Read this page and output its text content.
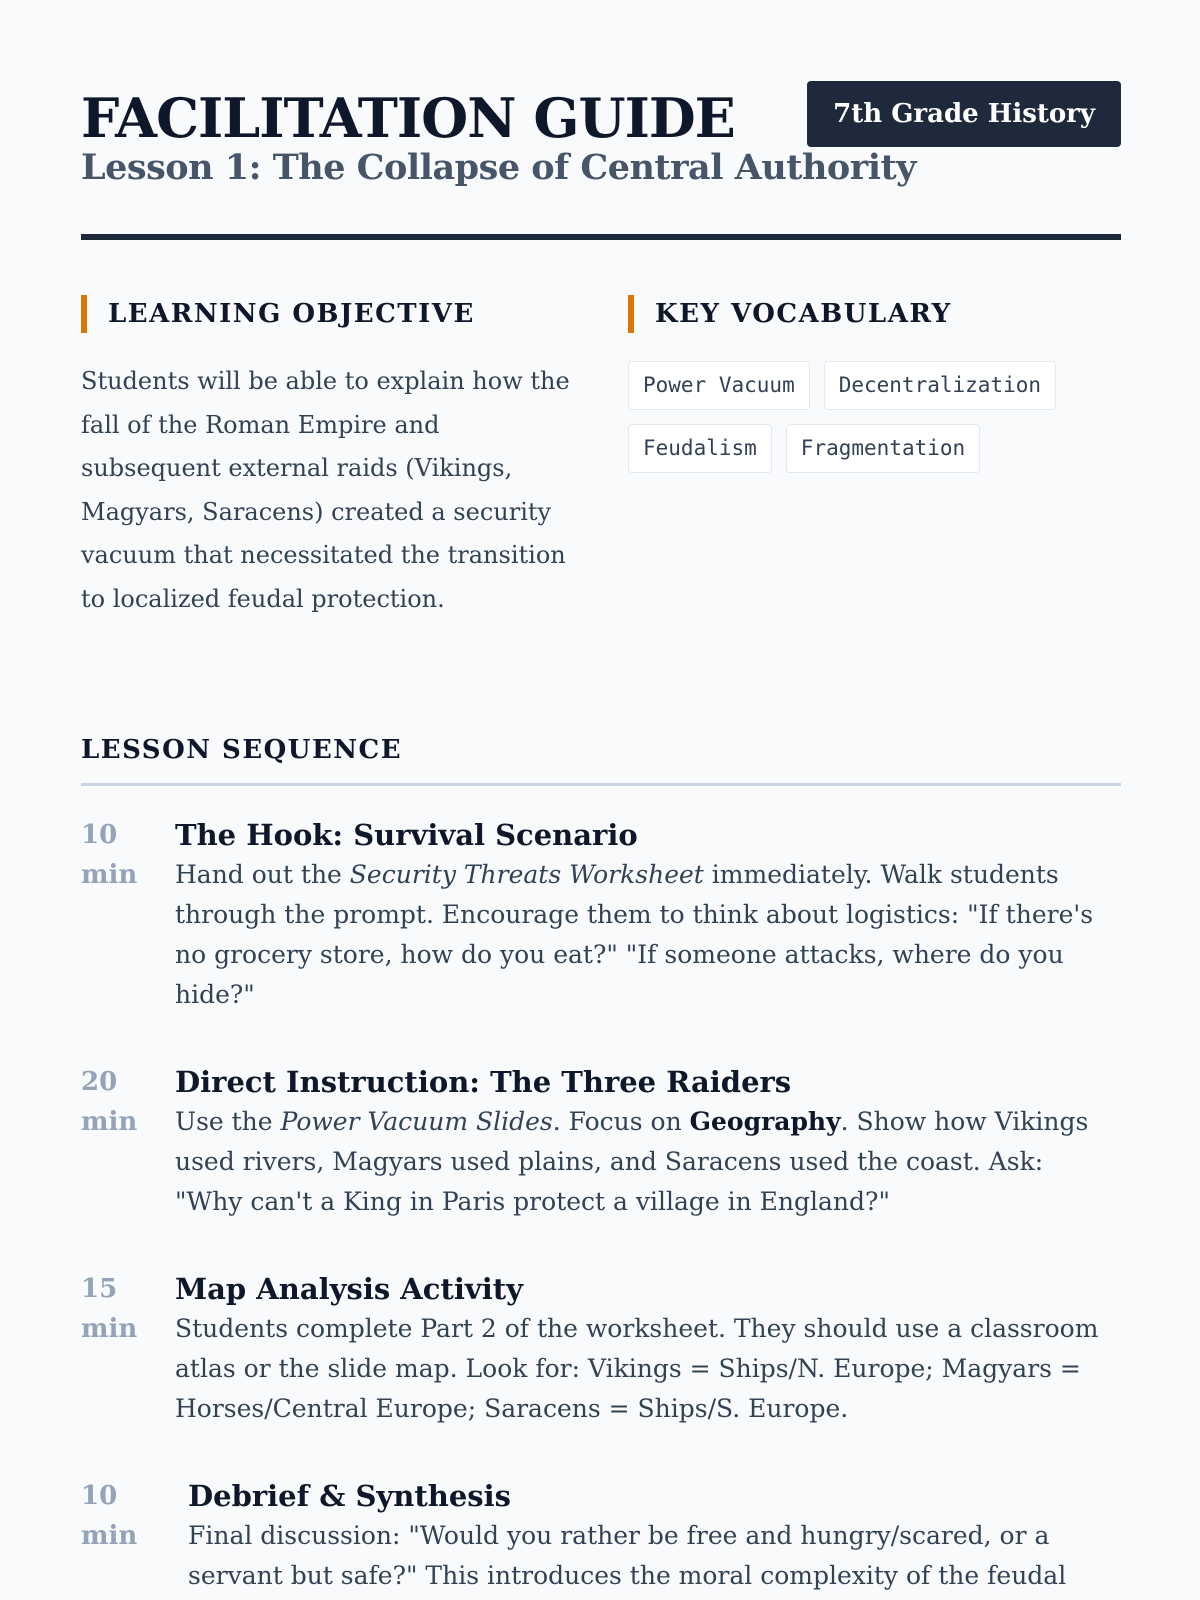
FACILITATION GUIDE
Lesson 1: The Collapse of Central Authority
7th Grade History
LEARNING OBJECTIVE

Students will be able to explain how the fall of the Roman Empire and subsequent external raids (Vikings, Magyars, Saracens) created a security vacuum that necessitated the transition to localized feudal protection.

KEY VOCABULARY
Power Vacuum	Decentralization
Feudalism	Fragmentation
LESSON SEQUENCE
10
min
The Hook: Survival Scenario

Hand out the Security Threats Worksheet immediately. Walk students through the prompt. Encourage them to think about logistics: "If there's no grocery store, how do you eat?" "If someone attacks, where do you hide?"

20
min
Direct Instruction: The Three Raiders

Use the Power Vacuum Slides. Focus on Geography. Show how Vikings used rivers, Magyars used plains, and Saracens used the coast. Ask: "Why can't a King in Paris protect a village in England?"

15
min
Map Analysis Activity

Students complete Part 2 of the worksheet. They should use a classroom atlas or the slide map. Look for: Vikings = Ships/N. Europe; Magyars = Horses/Central Europe; Saracens = Ships/S. Europe.

10
min
Debrief & Synthesis

Final discussion: "Would you rather be free and hungry/scared, or a servant but safe?" This introduces the moral complexity of the feudal
